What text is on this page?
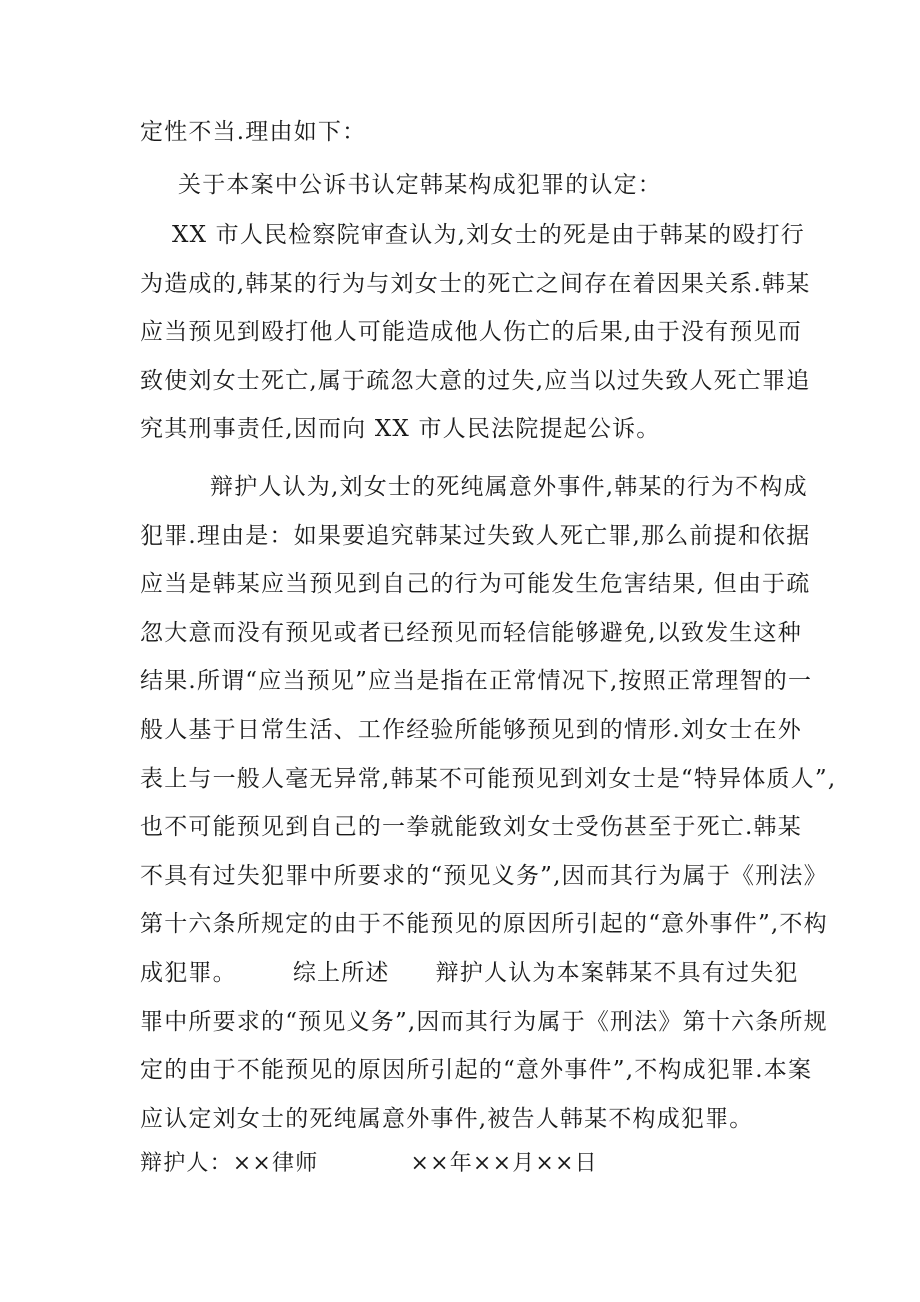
定性不当.理由如下：
关于本案中公诉书认定韩某构成犯罪的认定：
XX 市人民检察院审查认为,刘女士的死是由于韩某的殴打行
为造成的,韩某的行为与刘女士的死亡之间存在着因果关系.韩某
应当预见到殴打他人可能造成他人伤亡的后果,由于没有预见而
致使刘女士死亡,属于疏忽大意的过失,应当以过失致人死亡罪追
究其刑事责任,因而向 XX 市人民法院提起公诉。
辩护人认为,刘女士的死纯属意外事件,韩某的行为不构成
犯罪.理由是：如果要追究韩某过失致人死亡罪,那么前提和依据
应当是韩某应当预见到自己的行为可能发生危害结果, 但由于疏
忽大意而没有预见或者已经预见而轻信能够避免,以致发生这种
结果.所谓“应当预见”应当是指在正常情况下,按照正常理智的一
般人基于日常生活、工作经验所能够预见到的情形.刘女士在外
表上与一般人毫无异常,韩某不可能预见到刘女士是“特异体质人”,
也不可能预见到自己的一拳就能致刘女士受伤甚至于死亡.韩某
不具有过失犯罪中所要求的“预见义务”,因而其行为属于《刑法》
第十六条所规定的由于不能预见的原因所引起的“意外事件”,不构
成犯罪。 综上所述 辩护人认为本案韩某不具有过失犯
罪中所要求的“预见义务”,因而其行为属于《刑法》第十六条所规
定的由于不能预见的原因所引起的“意外事件”,不构成犯罪.本案
应认定刘女士的死纯属意外事件,被告人韩某不构成犯罪。
辩护人：××律师	××年××月××日
